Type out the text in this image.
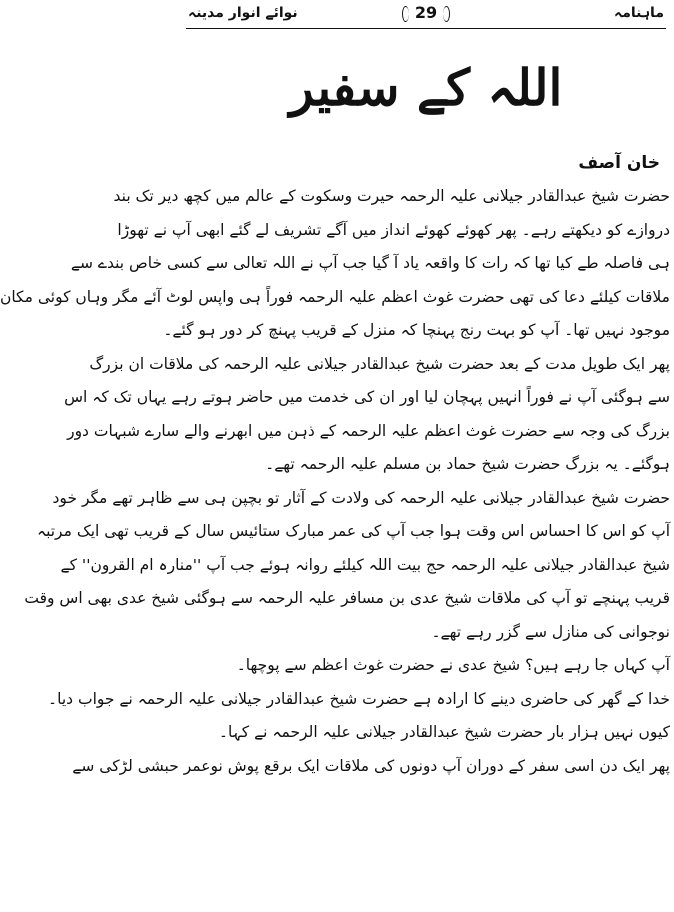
ماہنامہ
29
نوائے انوار مدینہ
اللہ کے سفیر
خان آصف
حضرت شیخ عبدالقادر جیلانی علیہ الرحمہ حیرت وسکوت کے عالم میں کچھ دیر تک بند
دروازے کو دیکھتے رہے۔ پھر کھوئے کھوئے انداز میں آگے تشریف لے گئے ابھی آپ نے تھوڑا
ہی فاصلہ طے کیا تھا کہ رات کا واقعہ یاد آ گیا جب آپ نے اللہ تعالی سے کسی خاص بندے سے
ملاقات کیلئے دعا کی تھی حضرت غوث اعظم علیہ الرحمہ فوراً ہی واپس لوٹ آئے مگر وہاں کوئی مکان
موجود نہیں تھا۔ آپ کو بہت رنج پہنچا کہ منزل کے قریب پہنچ کر دور ہو گئے۔
پھر ایک طویل مدت کے بعد حضرت شیخ عبدالقادر جیلانی علیہ الرحمہ کی ملاقات ان بزرگ
سے ہوگئی آپ نے فوراً انہیں پہچان لیا اور ان کی خدمت میں حاضر ہوتے رہے یہاں تک کہ اس
بزرگ کی وجہ سے حضرت غوث اعظم علیہ الرحمہ کے ذہن میں ابھرنے والے سارے شبہات دور
ہوگئے۔ یہ بزرگ حضرت شیخ حماد بن مسلم علیہ الرحمہ تھے۔
حضرت شیخ عبدالقادر جیلانی علیہ الرحمہ کی ولادت کے آثار تو بچپن ہی سے ظاہر تھے مگر خود
آپ کو اس کا احساس اس وقت ہوا جب آپ کی عمر مبارک ستائیس سال کے قریب تھی ایک مرتبہ
شیخ عبدالقادر جیلانی علیہ الرحمہ حج بیت اللہ کیلئے روانہ ہوئے جب آپ ''منارہ ام القرون'' کے
قریب پہنچے تو آپ کی ملاقات شیخ عدی بن مسافر علیہ الرحمہ سے ہوگئی شیخ عدی بھی اس وقت
نوجوانی کی منازل سے گزر رہے تھے۔
آپ کہاں جا رہے ہیں؟ شیخ عدی نے حضرت غوث اعظم سے پوچھا۔
خدا کے گھر کی حاضری دینے کا ارادہ ہے حضرت شیخ عبدالقادر جیلانی علیہ الرحمہ نے جواب دیا۔
کیوں نہیں ہزار بار حضرت شیخ عبدالقادر جیلانی علیہ الرحمہ نے کہا۔
پھر ایک دن اسی سفر کے دوران آپ دونوں کی ملاقات ایک برقع پوش نوعمر حبشی لڑکی سے
